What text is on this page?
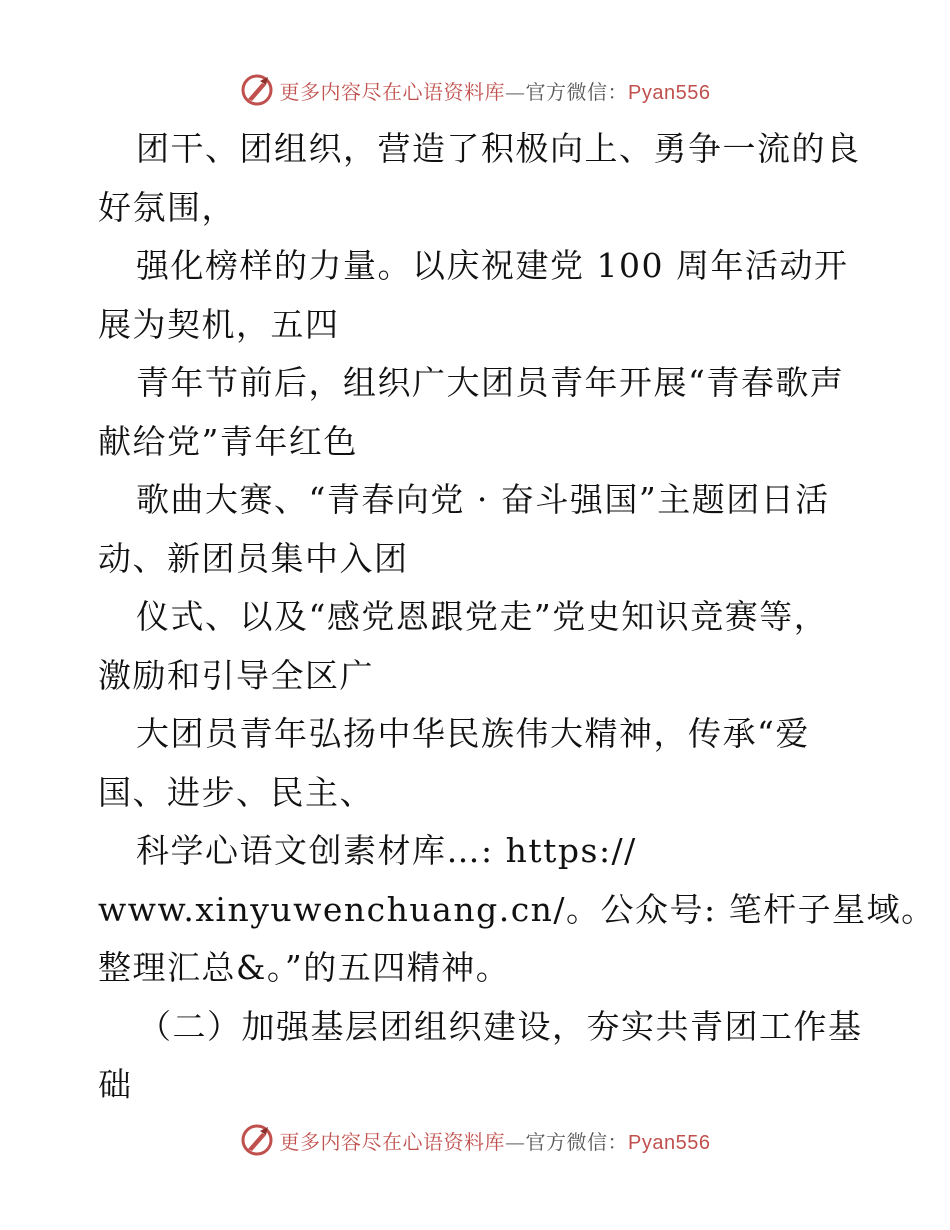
更多内容尽在心语资料库—官方微信：Pyan556
团干、团组织，营造了积极向上、勇争一流的良
好氛围，
强化榜样的力量。以庆祝建党 100 周年活动开
展为契机，五四
青年节前后，组织广大团员青年开展“青春歌声
献给党”青年红色
歌曲大赛、“青春向党 · 奋斗强国”主题团日活
动、新团员集中入团
仪式、以及“感党恩跟党走”党史知识竞赛等，
激励和引导全区广
大团员青年弘扬中华民族伟大精神，传承“爱
国、进步、民主、
科学心语文创素材库…: https://
www.xinyuwenchuang.cn/。公众号: 笔杆子星域。
整理汇总&。”的五四精神。
（二）加强基层团组织建设，夯实共青团工作基
础
更多内容尽在心语资料库—官方微信：Pyan556
